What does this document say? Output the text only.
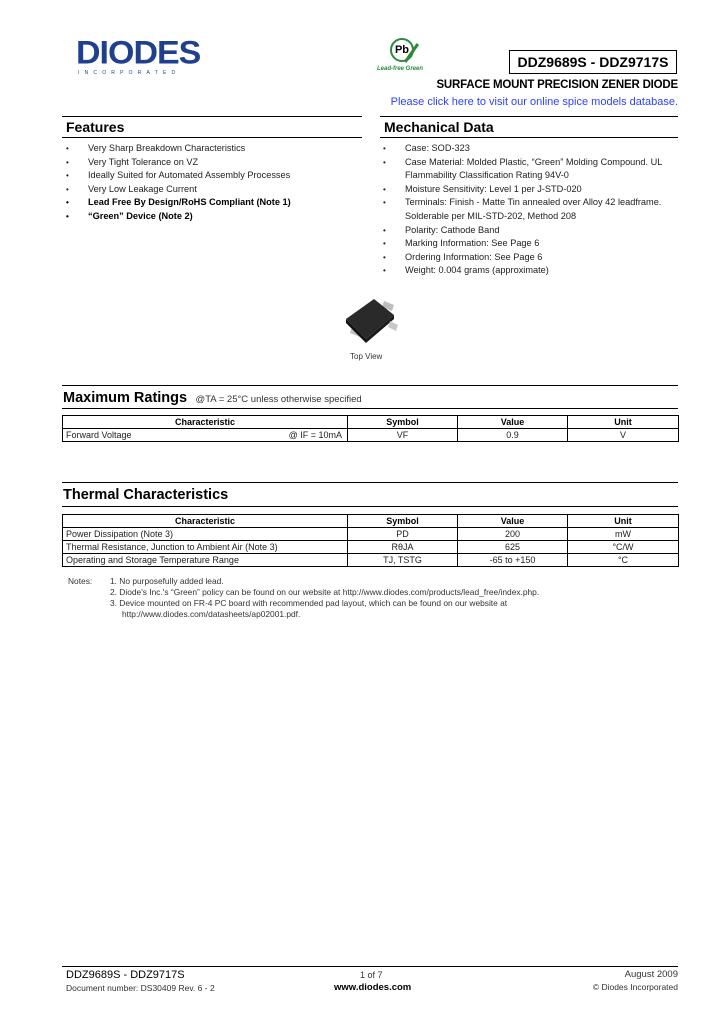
DIODES
INCORPORATED
Pb
Lead-free Green	DDZ9689S - DDZ9717S
SURFACE MOUNT PRECISION ZENER DIODE
Please click here to visit our online spice models database.
Features
• Very Sharp Breakdown Characteristics
• Very Tight Tolerance on VZ
• Ideally Suited for Automated Assembly Processes
• Very Low Leakage Current
• Lead Free By Design/RoHS Compliant (Note 1)
• “Green” Device (Note 2)
Mechanical Data
• Case: SOD-323
• Case Material: Molded Plastic, “Green” Molding Compound. UL Flammability Classification Rating 94V-0
• Moisture Sensitivity: Level 1 per J-STD-020
• Terminals: Finish - Matte Tin annealed over Alloy 42 leadframe. Solderable per MIL-STD-202, Method 208
• Polarity: Cathode Band
• Marking Information: See Page 6
• Ordering Information: See Page 6
• Weight: 0.004 grams (approximate)
Top View
Maximum Ratings @TA = 25°C unless otherwise specified
Characteristic	Symbol	Value	Unit
Forward Voltage @ IF = 10mA	VF	0.9	V
Thermal Characteristics
Characteristic	Symbol	Value	Unit
Power Dissipation (Note 3)	PD	200	mW
Thermal Resistance, Junction to Ambient Air (Note 3)	RθJA	625	°C/W
Operating and Storage Temperature Range	TJ, TSTG	-65 to +150	°C
Notes: 1. No purposefully added lead.
2. Diode's Inc.'s “Green” policy can be found on our website at http://www.diodes.com/products/lead_free/index.php.
3. Device mounted on FR-4 PC board with recommended pad layout, which can be found on our website at
http://www.diodes.com/datasheets/ap02001.pdf.
DDZ9689S - DDZ9717S
Document number: DS30409 Rev. 6 - 2
1 of 7
www.diodes.com
August 2009
© Diodes Incorporated
